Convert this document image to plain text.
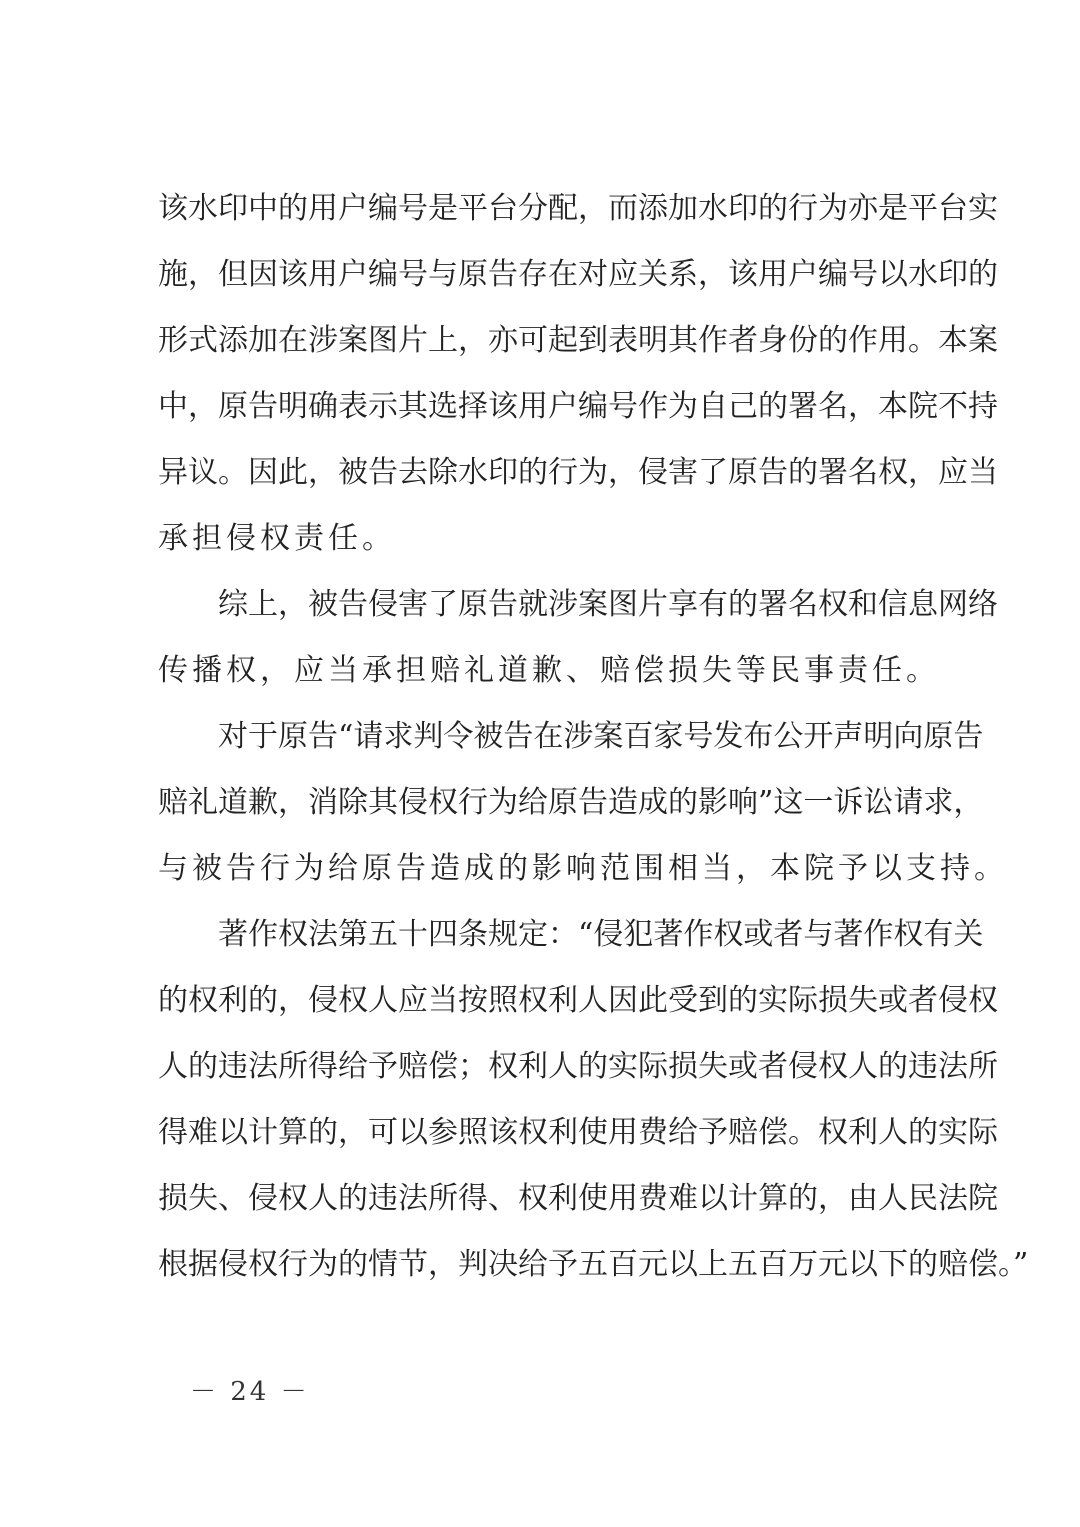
该水印中的用户编号是平台分配，而添加水印的行为亦是平台实
施，但因该用户编号与原告存在对应关系，该用户编号以水印的
形式添加在涉案图片上，亦可起到表明其作者身份的作用。本案
中，原告明确表示其选择该用户编号作为自己的署名，本院不持
异议。因此，被告去除水印的行为，侵害了原告的署名权，应当
承担侵权责任。
　　综上，被告侵害了原告就涉案图片享有的署名权和信息网络
传播权，应当承担赔礼道歉、赔偿损失等民事责任。
　　对于原告“请求判令被告在涉案百家号发布公开声明向原告
赔礼道歉，消除其侵权行为给原告造成的影响”这一诉讼请求，
与被告行为给原告造成的影响范围相当，本院予以支持。
　　著作权法第五十四条规定：“侵犯著作权或者与著作权有关
的权利的，侵权人应当按照权利人因此受到的实际损失或者侵权
人的违法所得给予赔偿；权利人的实际损失或者侵权人的违法所
得难以计算的，可以参照该权利使用费给予赔偿。权利人的实际
损失、侵权人的违法所得、权利使用费难以计算的，由人民法院
根据侵权行为的情节，判决给予五百元以上五百万元以下的赔偿。”
－ 24 －
